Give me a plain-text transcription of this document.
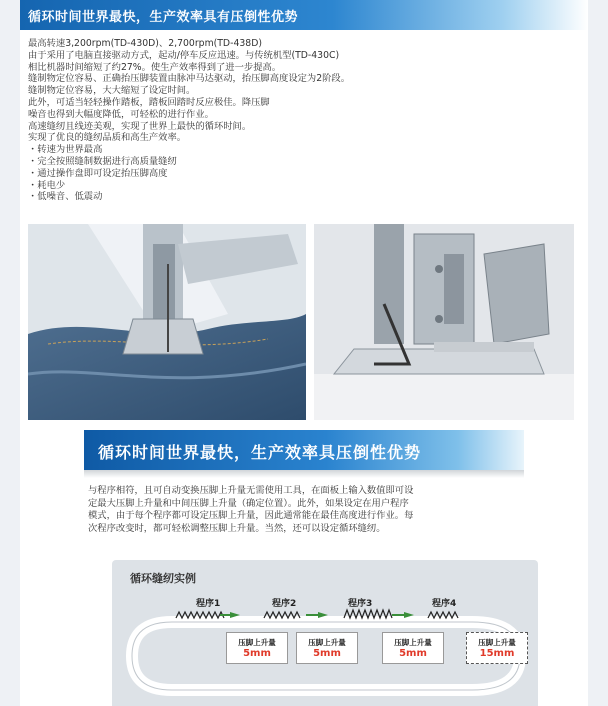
循环时间世界最快，生产效率具有压倒性优势
最高转速3,200rpm(TD-430D)、2,700rpm(TD-438D)
由于采用了电脑直接驱动方式，起动/停车反应迅速。与传统机型(TD-430C)
相比机器时间缩短了约27%。使生产效率得到了进一步提高。
缝制物定位容易、正确抬压脚装置由脉冲马达驱动，抬压脚高度设定为2阶段。
缝制物定位容易，大大缩短了设定时间。
此外，可适当轻轻操作踏板，踏板回踏时反应极佳。降压脚
噪音也得到大幅度降低，可轻松的进行作业。
高速缝纫且线迹美观，实现了世界上最快的循环时间。
实现了优良的缝纫品质和高生产效率。
・转速为世界最高
・完全按照缝制数据进行高质量缝纫
・通过操作盘即可设定抬压脚高度
・耗电少
・低噪音、低震动
循环时间世界最快，生产效率具压倒性优势
与程序相符，且可自动变换压脚上升量无需使用工具，在面板上输入数值即可设
定最大压脚上升量和中间压脚上升量（确定位置）。此外，如果设定在用户程序
模式，由于每个程序都可设定压脚上升量，因此通常能在最佳高度进行作业。每
次程序改变时，都可轻松调整压脚上升量。当然，还可以设定循环缝纫。
循环缝纫实例
程序1	程序2	程序3	程序4
压脚上升量
5mm
压脚上升量
5mm
压脚上升量
5mm
压脚上升量
15mm
